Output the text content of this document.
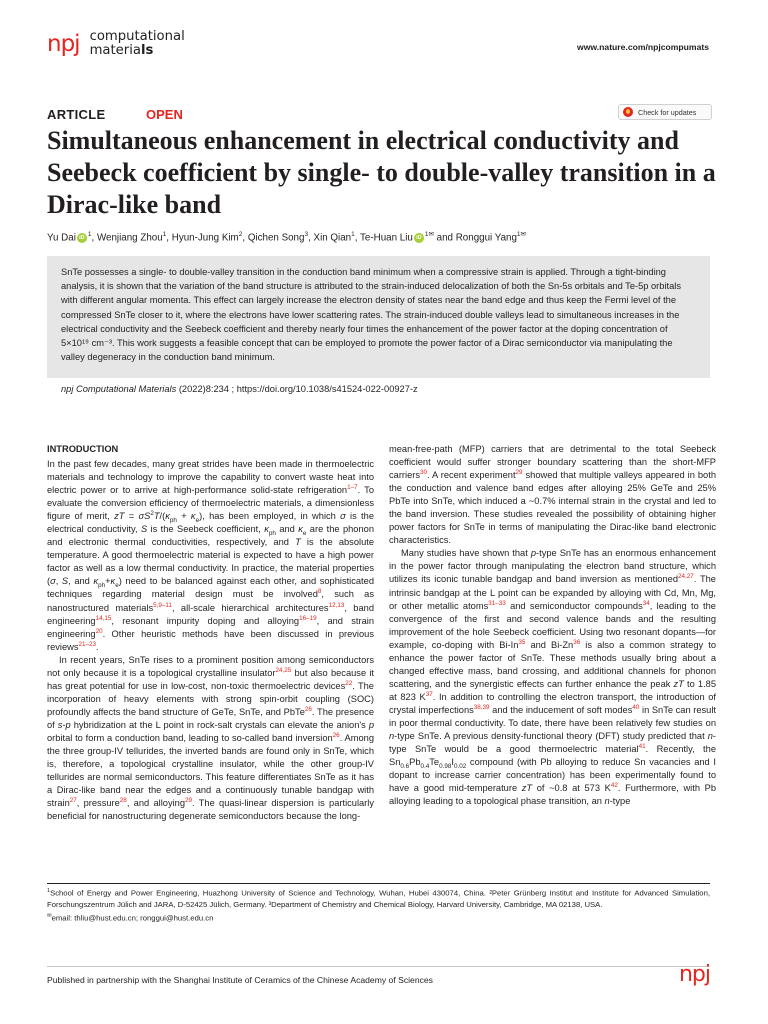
npj computational
materials	www.nature.com/npjcompumats
ARTICLE	OPEN	Check for updates
Simultaneous enhancement in electrical conductivity and Seebeck coefficient by single- to double-valley transition in a Dirac-like band
Yu Dai iD $^1$, Wenjiang Zhou$^1$, Hyun-Jung Kim$^2$, Qichen Song$^3$, Xin Qian$^1$, Te-Huan Liu iD $^{1✉}$ and Ronggui Yang$^{1✉}$
SnTe possesses a single- to double-valley transition in the conduction band minimum when a compressive strain is applied. Through a tight-binding analysis, it is shown that the variation of the band structure is attributed to the strain-induced delocalization of both the Sn-5s orbitals and Te-5p orbitals with different angular momenta. This effect can largely increase the electron density of states near the band edge and thus keep the Fermi level of the compressed SnTe closer to it, where the electrons have lower scattering rates. The strain-induced double valleys lead to simultaneous increases in the electrical conductivity and the Seebeck coefficient and thereby nearly four times the enhancement of the power factor at the doping concentration of 5×10¹⁹ cm⁻³. This work suggests a feasible concept that can be employed to promote the power factor of a Dirac semiconductor via manipulating the valley degeneracy in the conduction band minimum.
npj Computational Materials (2022)8:234 ; https://doi.org/10.1038/s41524-022-00927-z
INTRODUCTION

In the past few decades, many great strides have been made in thermoelectric materials and technology to improve the capability to convert waste heat into electric power or to arrive at high-performance solid-state refrigeration$^{1-7}$. To evaluate the conversion efficiency of thermoelectric materials, a dimensionless figure of merit, zT = $\sigma S^2T/(\kappa_{ph} + \kappa_e)$, has been employed, in which σ is the electrical conductivity, S is the Seebeck coefficient, $\kappa_{ph}$ and $\kappa_e$ are the phonon and electronic thermal conductivities, respectively, and T is the absolute temperature. A good thermoelectric material is expected to have a high power factor as well as a low thermal conductivity. In practice, the material properties (σ, S, and $\kappa_{ph}+\kappa_e$) need to be balanced against each other, and sophisticated techniques regarding material design must be involved$^8$, such as nanostructured materials$^{5,9-11}$, all-scale hierarchical architectures$^{12,13}$, band engineering$^{14,15}$, resonant impurity doping and alloying$^{16-19}$, and strain engineering$^{20}$. Other heuristic methods have been discussed in previous reviews$^{21-23}$.

In recent years, SnTe rises to a prominent position among semiconductors not only because it is a topological crystalline insulator$^{24,25}$ but also because it has great potential for use in low-cost, non-toxic thermoelectric devices$^{22}$. The incorporation of heavy elements with strong spin-orbit coupling (SOC) profoundly affects the band structure of GeTe, SnTe, and PbTe$^{26}$. The presence of s-p hybridization at the L point in rock-salt crystals can elevate the anion's p orbital to form a conduction band, leading to so-called band inversion$^{26}$. Among the three group-IV tellurides, the inverted bands are found only in SnTe, which is, therefore, a topological crystalline insulator, while the other group-IV tellurides are normal semiconductors. This feature differentiates SnTe as it has a Dirac-like band near the edges and a continuously tunable bandgap with strain$^{27}$, pressure$^{28}$, and alloying$^{29}$. The quasi-linear dispersion is particularly beneficial for nanostructuring degenerate semiconductors because the long-

mean-free-path (MFP) carriers that are detrimental to the total Seebeck coefficient would suffer stronger boundary scattering than the short-MFP carriers$^{30}$. A recent experiment$^{29}$ showed that multiple valleys appeared in both the conduction and valence band edges after alloying 25% GeTe and 25% PbTe into SnTe, which induced a ~0.7% internal strain in the crystal and led to the band inversion. These studies revealed the possibility of obtaining higher power factors for SnTe in terms of manipulating the Dirac-like band electronic characteristics.

Many studies have shown that p-type SnTe has an enormous enhancement in the power factor through manipulating the electron band structure, which utilizes its iconic tunable bandgap and band inversion as mentioned$^{24,27}$. The intrinsic bandgap at the L point can be expanded by alloying with Cd, Mn, Mg, or other metallic atoms$^{31-33}$ and semiconductor compounds$^{34}$, leading to the convergence of the first and second valence bands and the resulting improvement of the hole Seebeck coefficient. Using two resonant dopants—for example, co-doping with Bi-In$^{35}$ and Bi-Zn$^{36}$ is also a common strategy to enhance the power factor of SnTe. These methods usually bring about a changed effective mass, band crossing, and additional channels for phonon scattering, and the synergistic effects can further enhance the peak zT to 1.85 at 823 $K^{37}$. In addition to controlling the electron transport, the introduction of crystal imperfections$^{38,39}$ and the inducement of soft modes$^{40}$ in SnTe can result in poor thermal conductivity. To date, there have been relatively few studies on n-type SnTe. A previous density-functional theory (DFT) study predicted that n-type SnTe would be a good thermoelectric material$^{41}$. Recently, the $Sn_{0.6}Pb_{0.4}Te_{0.98}I_{0.02}$ compound (with Pb alloying to reduce Sn vacancies and I dopant to increase carrier concentration) has been experimentally found to have a good mid-temperature zT of ~0.8 at 573 $K^{42}$. Furthermore, with Pb alloying leading to a topological phase transition, an n-type

$^1$School of Energy and Power Engineering, Huazhong University of Science and Technology, Wuhan, Hubei 430074, China. ²Peter Grünberg Institut and Institute for Advanced Simulation, Forschungszentrum Jülich and JARA, D-52425 Jülich, Germany. ³Department of Chemistry and Chemical Biology, Harvard University, Cambridge, MA 02138, USA.
✉email: thliu@hust.edu.cn; ronggui@hust.edu.cn
Published in partnership with the Shanghai Institute of Ceramics of the Chinese Academy of Sciences	npj
